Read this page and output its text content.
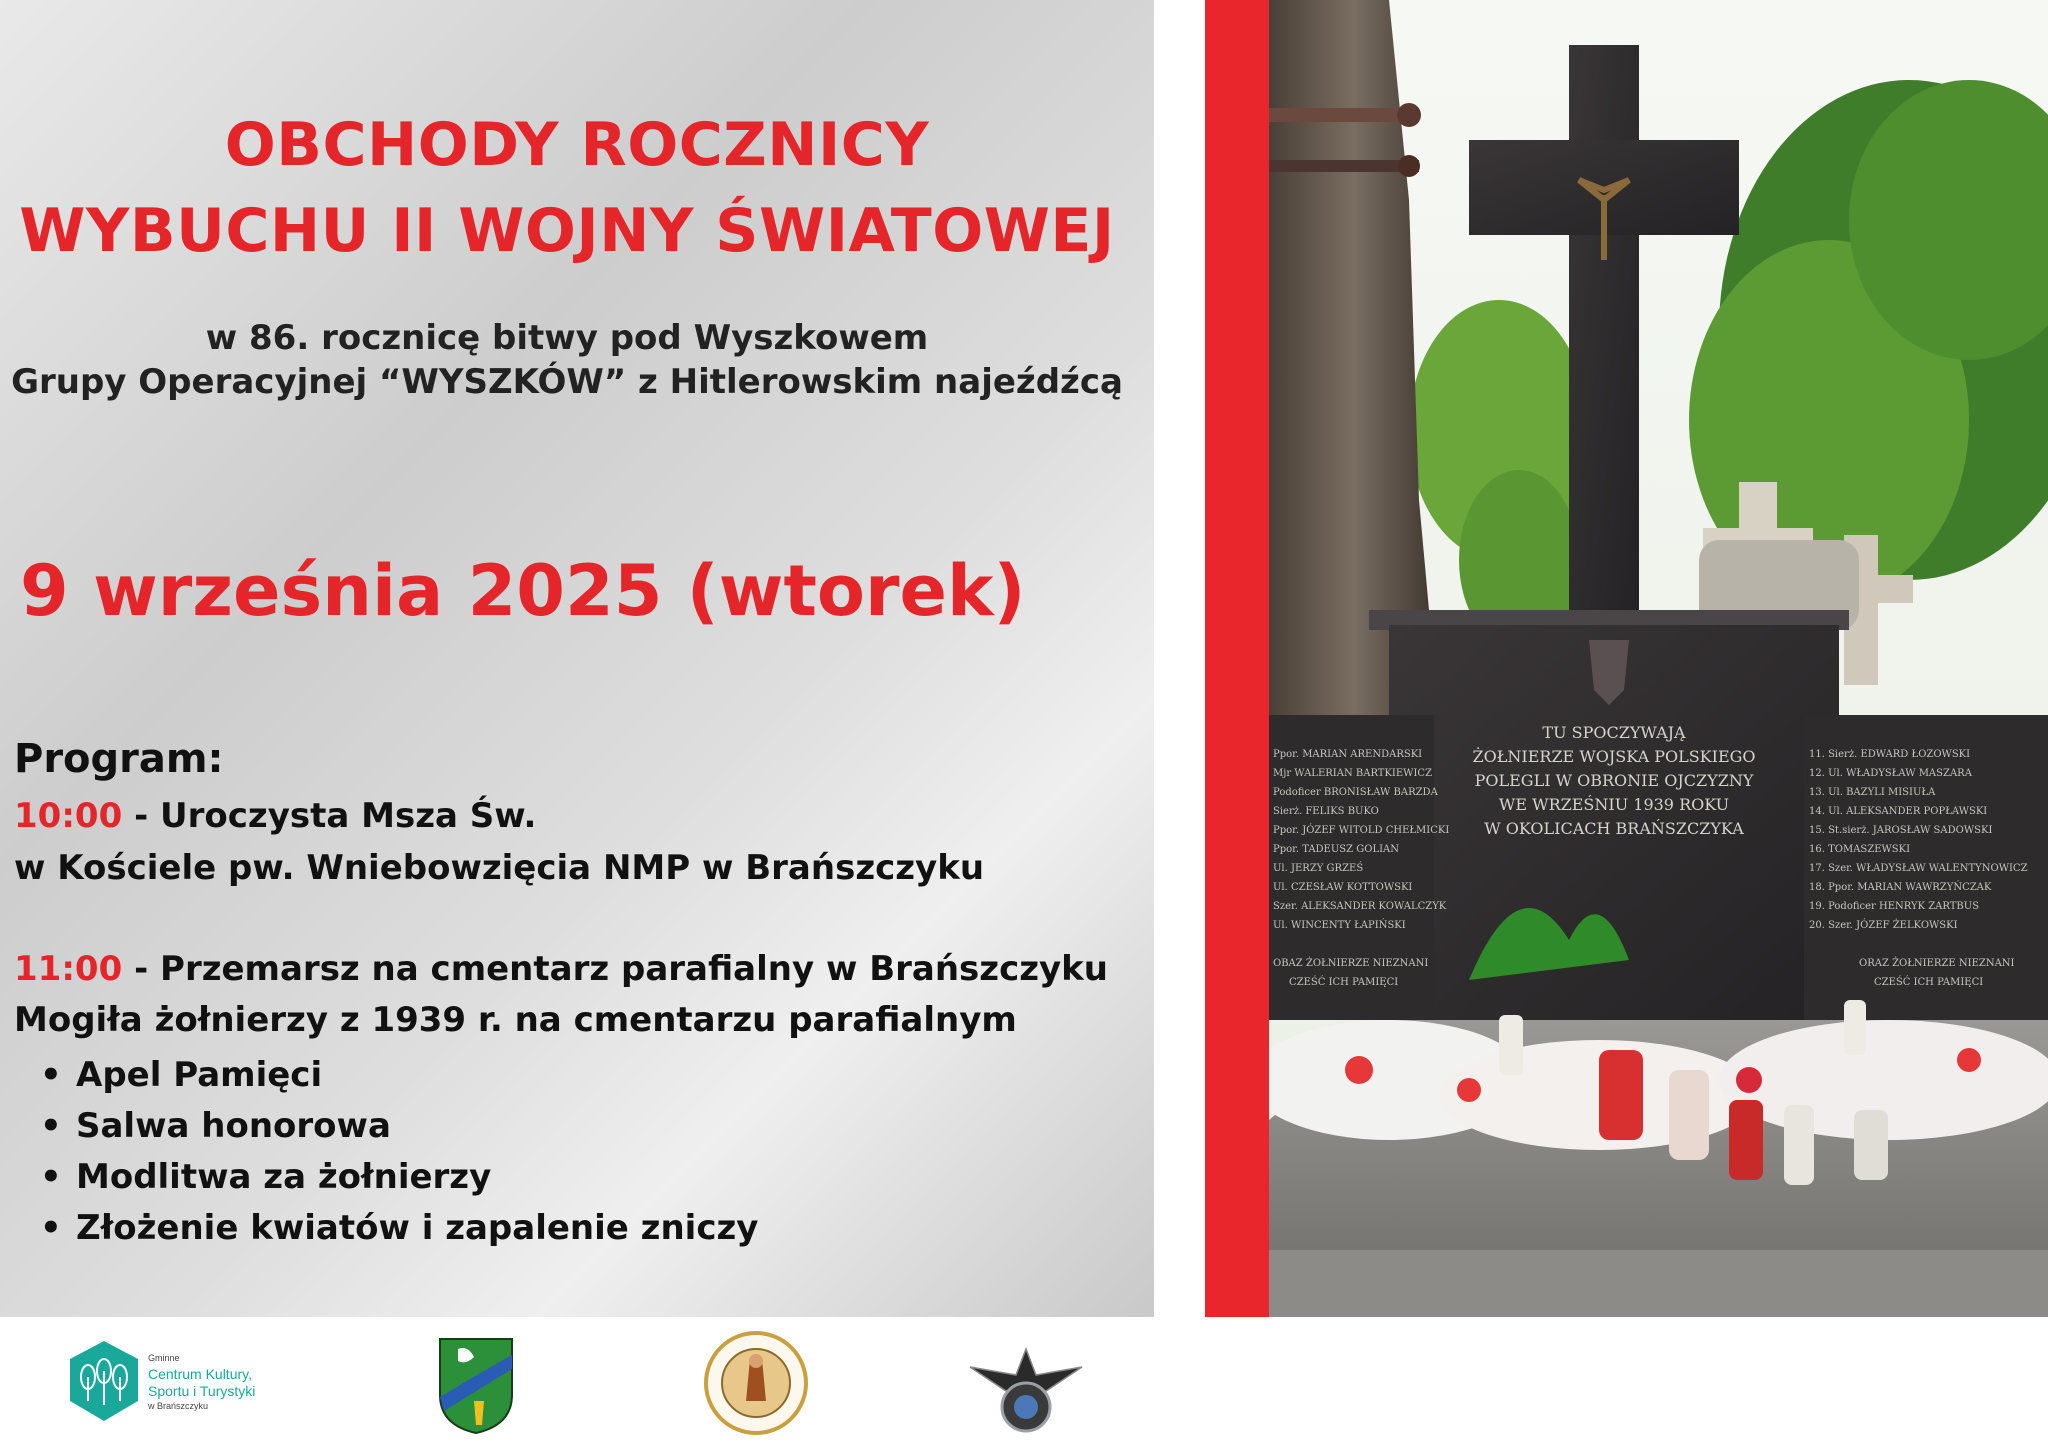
OBCHODY ROCZNICY
WYBUCHU II WOJNY ŚWIATOWEJ
w 86. rocznicę bitwy pod Wyszkowem
Grupy Operacyjnej “WYSZKÓW” z Hitlerowskim najeźdźcą
9 września 2025 (wtorek)
Program:
10:00 - Uroczysta Msza Św.
w Kościele pw. Wniebowzięcia NMP w Brańszczyku
11:00 - Przemarsz na cmentarz parafialny w Brańszczyku
Mogiła żołnierzy z 1939 r. na cmentarzu parafialnym
• Apel Pamięci
• Salwa honorowa
• Modlitwa za żołnierzy
• Złożenie kwiatów i zapalenie zniczy
TU SPOCZYWAJĄ
ŻOŁNIERZE WOJSKA POLSKIEGO
POLEGLI W OBRONIE OJCZYZNY
WE WRZEŚNIU 1939 ROKU
W OKOLICACH BRAŃSZCZYKA
Ppor. MARIAN ARENDARSKI
Mjr WALERIAN BARTKIEWICZ
Podoficer BRONISŁAW BARZDA
Sierż. FELIKS BUKO
Ppor. JÓZEF WITOLD CHEŁMICKI
Ppor. TADEUSZ GOLIAN
Ul. JERZY GRZEŚ
Ul. CZESŁAW KOTTOWSKI
Szer. ALEKSANDER KOWALCZYK
Ul. WINCENTY ŁAPIŃSKI
OBAZ ŻOŁNIERZE NIEZNANI
CZEŚĆ ICH PAMIĘCI
11. Sierż. EDWARD ŁOZOWSKI
12. Ul. WŁADYSŁAW MASZARA
13. Ul. BAZYLI MISIUŁA
14. Ul. ALEKSANDER POPŁAWSKI
15. St.sierż. JAROSŁAW SADOWSKI
16. TOMASZEWSKI
17. Szer. WŁADYSŁAW WALENTYNOWICZ
18. Ppor. MARIAN WAWRZYŃCZAK
19. Podoficer HENRYK ZARTBUS
20. Szer. JÓZEF ŻELKOWSKI
ORAZ ŻOŁNIERZE NIEZNANI
CZEŚĆ ICH PAMIĘCI
Gminne
Centrum Kultury,
Sportu i Turystyki
w Brańszczyku
